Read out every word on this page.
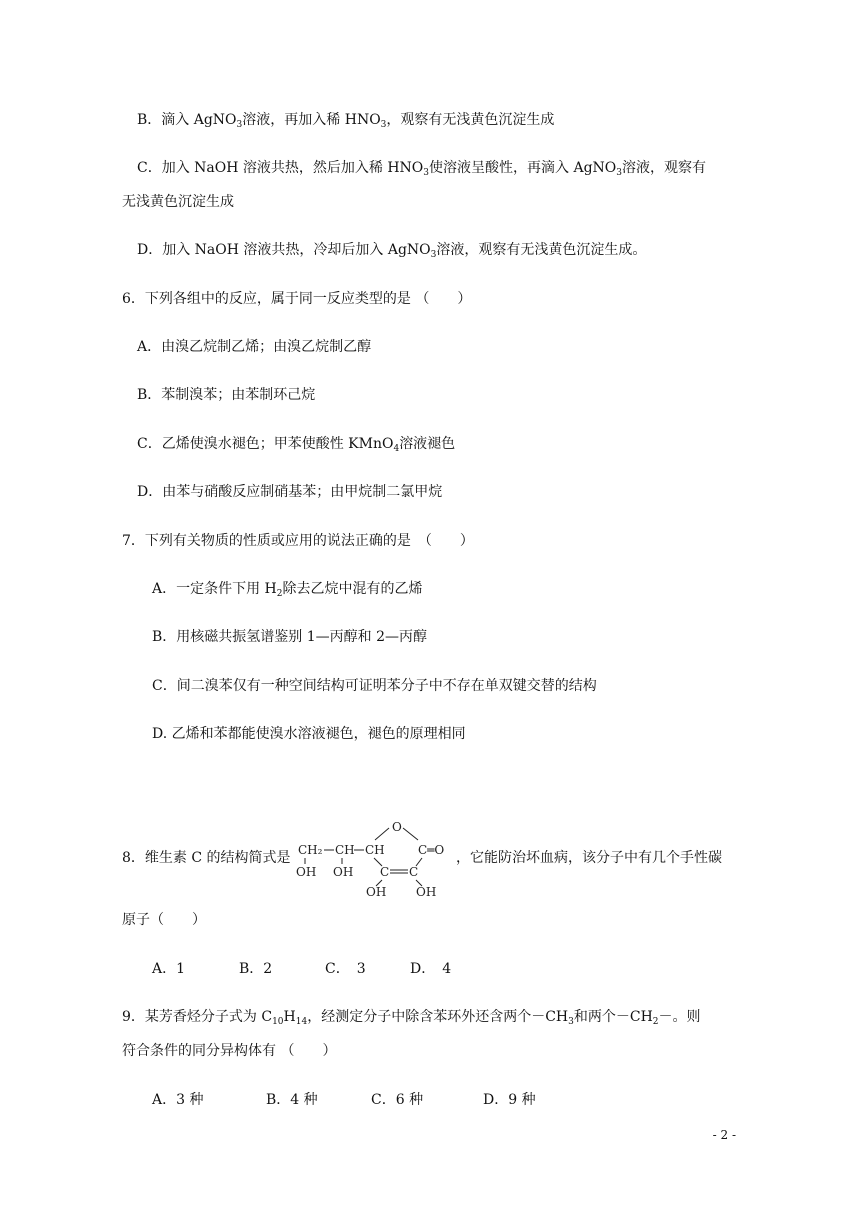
B．滴入 AgNO$_3$溶液，再加入稀 $HNO_3$，观察有无浅黄色沉淀生成
C．加入 NaOH 溶液共热，然后加入稀 $HNO_3$使溶液呈酸性，再滴入 AgNO$_3$溶液，观察有
无浅黄色沉淀生成
D．加入 NaOH 溶液共热，冷却后加入 AgNO$_3$溶液，观察有无浅黄色沉淀生成。
6．下列各组中的反应，属于同一反应类型的是 （　　）
A．由溴乙烷制乙烯；由溴乙烷制乙醇
B．苯制溴苯；由苯制环己烷
C．乙烯使溴水褪色；甲苯使酸性 KMnO$_4$溶液褪色
D．由苯与硝酸反应制硝基苯；由甲烷制二氯甲烷
7．下列有关物质的性质或应用的说法正确的是　（　　）
A．一定条件下用 $H_2$除去乙烷中混有的乙烯
B．用核磁共振氢谱鉴别 1—丙醇和 2—丙醇
C．间二溴苯仅有一种空间结构可证明苯分子中不存在单双键交替的结构
D. 乙烯和苯都能使溴水溶液褪色，褪色的原理相同
8．维生素 C 的结构简式是
O
CH₂ CH CH	C═O
OH OH C C
OH OH
，它能防治坏血病，该分子中有几个手性碳
原子（　　）
A．1	B．2	C．　3	D．　4
9．某芳香烃分子式为 $C_{10}H_{14}$，经测定分子中除含苯环外还含两个$-CH_3$和两个$-CH_2-$。则
符合条件的同分异构体有 （　　）
A．3 种	B．4 种	C．6 种	D．9 种
- 2 -
